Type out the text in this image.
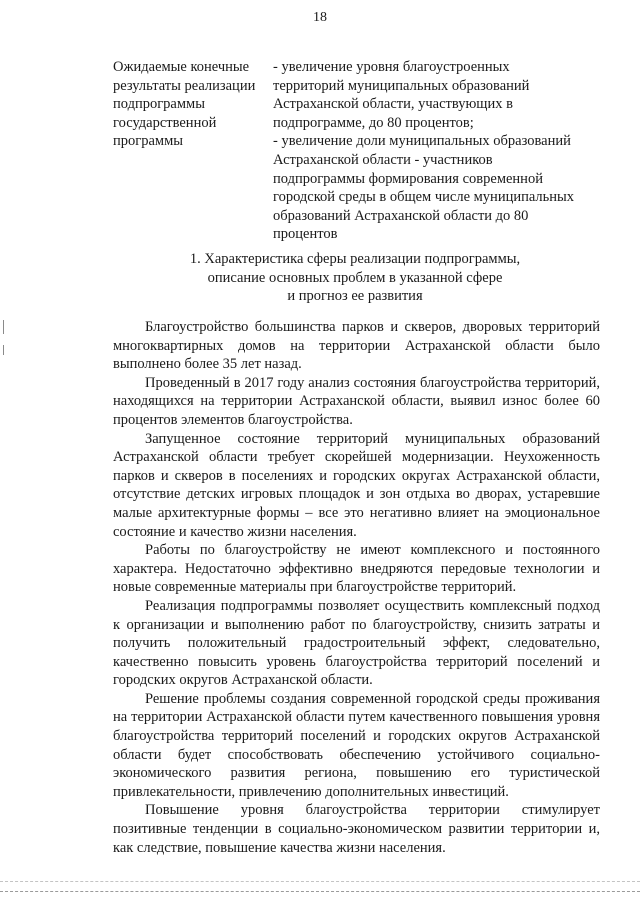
18
Ожидаемые конечные результаты реализации подпрограммы государственной программы

- увеличение уровня благоустроенных территорий муниципальных образований Астраханской области, участвующих в подпрограмме, до 80 процентов;

- увеличение доли муниципальных образований Астраханской области - участников подпрограммы формирования современной городской среды в общем числе муниципальных образований Астраханской области до 80 процентов

1. Характеристика сферы реализации подпрограммы,
описание основных проблем в указанной сфере
и прогноз ее развития

Благоустройство большинства парков и скверов, дворовых территорий многоквартирных домов на территории Астраханской области было выполнено более 35 лет назад.

Проведенный в 2017 году анализ состояния благоустройства территорий, находящихся на территории Астраханской области, выявил износ более 60 процентов элементов благоустройства.

Запущенное состояние территорий муниципальных образований Астраханской области требует скорейшей модернизации. Неухоженность парков и скверов в поселениях и городских округах Астраханской области, отсутствие детских игровых площадок и зон отдыха во дворах, устаревшие малые архитектурные формы – все это негативно влияет на эмоциональное состояние и качество жизни населения.

Работы по благоустройству не имеют комплексного и постоянного характера. Недостаточно эффективно внедряются передовые технологии и новые современные материалы при благоустройстве территорий.

Реализация подпрограммы позволяет осуществить комплексный подход к организации и выполнению работ по благоустройству, снизить затраты и получить положительный градостроительный эффект, следовательно, качественно повысить уровень благоустройства территорий поселений и городских округов Астраханской области.

Решение проблемы создания современной городской среды проживания на территории Астраханской области путем качественного повышения уровня благоустройства территорий поселений и городских округов Астраханской области будет способствовать обеспечению устойчивого социально-экономического развития региона, повышению его туристической привлекательности, привлечению дополнительных инвестиций.

Повышение уровня благоустройства территории стимулирует позитивные тенденции в социально-экономическом развитии территории и, как следствие, повышение качества жизни населения.
